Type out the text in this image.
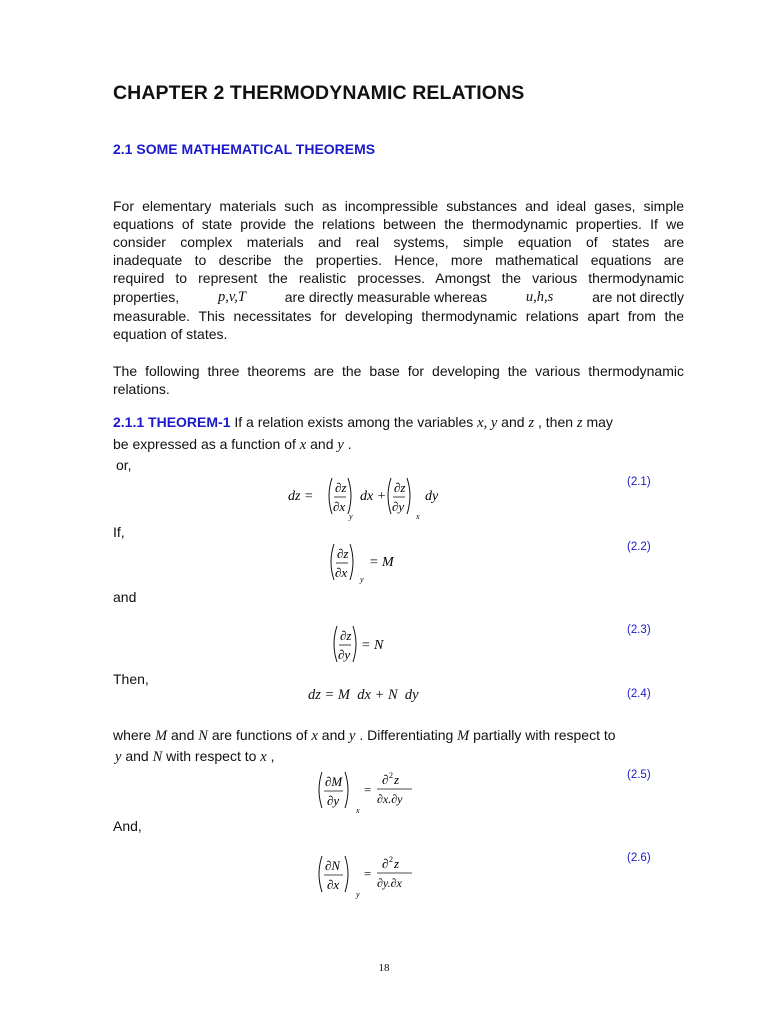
CHAPTER 2 THERMODYNAMIC RELATIONS
2.1 SOME MATHEMATICAL THEOREMS
For elementary materials such as incompressible substances and ideal gases, simple
equations of state provide the relations between the thermodynamic properties. If we
consider complex materials and real systems, simple equation of states are
inadequate to describe the properties. Hence, more mathematical equations are
required to represent the realistic processes. Amongst the various thermodynamic
properties,	p,v,T	are directly measurable whereas	u,h,s	are not directly
measurable. This necessitates for developing thermodynamic relations apart from the
equation of states.
The following three theorems are the base for developing the various thermodynamic
relations.
2.1.1 THEOREM-1 If a relation exists among the variables x, y and z , then z may
be expressed as a function of x and y .
or,
dz =
∂z
∂x
y
dx +
∂z
∂y
x
dy
(2.1)
If,
∂z
∂x y
= M
(2.2)
and
∂z
∂y
= N
(2.3)
Then,
dz = M  dx + N  dy	(2.4)
where M and N are functions of x and y . Differentiating M partially with respect to
y and N with respect to x ,
∂M
∂y
x
=
∂ 2 z
∂x.∂y
(2.5)
And,
∂N
∂x
y
=
∂ 2 z
∂y.∂x
(2.6)
18
